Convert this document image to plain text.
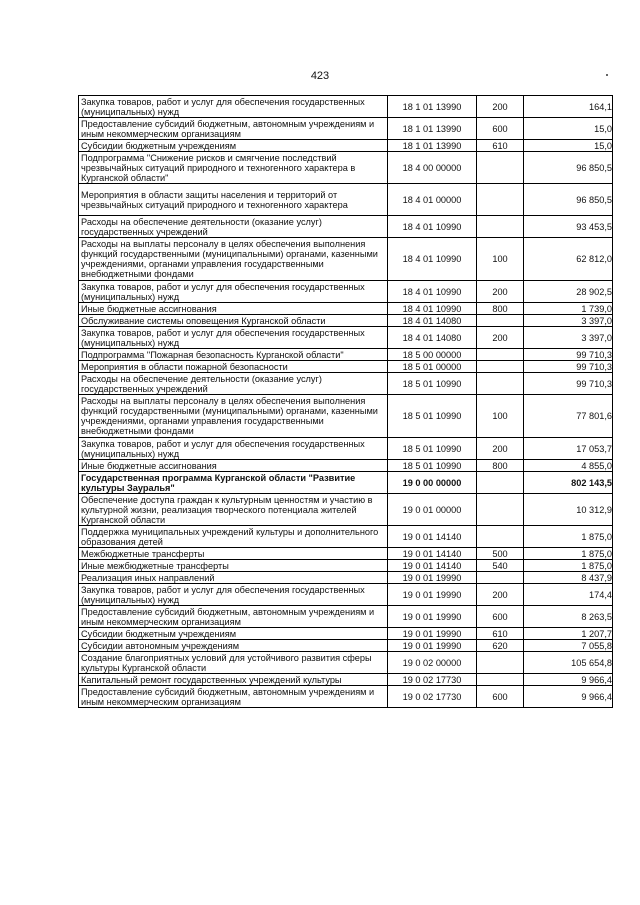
423
Закупка товаров, работ и услуг для обеспечения государственных (муниципальных) нужд	18 1 01 13990	200	164,1
Предоставление субсидий бюджетным, автономным учреждениям и иным некоммерческим организациям	18 1 01 13990	600	15,0
Субсидии бюджетным учреждениям	18 1 01 13990	610	15,0
Подпрограмма "Снижение рисков и смягчение последствий чрезвычайных ситуаций природного и техногенного характера в Курганской области"	18 4 00 00000		96 850,5
Мероприятия в области защиты населения и территорий от чрезвычайных ситуаций природного и техногенного характера	18 4 01 00000		96 850,5
Расходы на обеспечение деятельности (оказание услуг) государственных учреждений	18 4 01 10990		93 453,5
Расходы на выплаты персоналу в целях обеспечения выполнения функций государственными (муниципальными) органами, казенными учреждениями, органами управления государственными внебюджетными фондами	18 4 01 10990	100	62 812,0
Закупка товаров, работ и услуг для обеспечения государственных (муниципальных) нужд	18 4 01 10990	200	28 902,5
Иные бюджетные ассигнования	18 4 01 10990	800	1 739,0
Обслуживание системы оповещения Курганской области	18 4 01 14080		3 397,0
Закупка товаров, работ и услуг для обеспечения государственных (муниципальных) нужд	18 4 01 14080	200	3 397,0
Подпрограмма "Пожарная безопасность Курганской области"	18 5 00 00000		99 710,3
Мероприятия в области пожарной безопасности	18 5 01 00000		99 710,3
Расходы на обеспечение деятельности (оказание услуг) государственных учреждений	18 5 01 10990		99 710,3
Расходы на выплаты персоналу в целях обеспечения выполнения функций государственными (муниципальными) органами, казенными учреждениями, органами управления государственными внебюджетными фондами	18 5 01 10990	100	77 801,6
Закупка товаров, работ и услуг для обеспечения государственных (муниципальных) нужд	18 5 01 10990	200	17 053,7
Иные бюджетные ассигнования	18 5 01 10990	800	4 855,0
Государственная программа Курганской области "Развитие культуры Зауралья"	19 0 00 00000		802 143,5
Обеспечение доступа граждан к культурным ценностям и участию в культурной жизни, реализация творческого потенциала жителей Курганской области	19 0 01 00000		10 312,9
Поддержка муниципальных учреждений культуры и дополнительного образования детей	19 0 01 14140		1 875,0
Межбюджетные трансферты	19 0 01 14140	500	1 875,0
Иные межбюджетные трансферты	19 0 01 14140	540	1 875,0
Реализация иных направлений	19 0 01 19990		8 437,9
Закупка товаров, работ и услуг для обеспечения государственных (муниципальных) нужд	19 0 01 19990	200	174,4
Предоставление субсидий бюджетным, автономным учреждениям и иным некоммерческим организациям	19 0 01 19990	600	8 263,5
Субсидии бюджетным учреждениям	19 0 01 19990	610	1 207,7
Субсидии автономным учреждениям	19 0 01 19990	620	7 055,8
Создание благоприятных условий для устойчивого развития сферы культуры Курганской области	19 0 02 00000		105 654,8
Капитальный ремонт государственных учреждений культуры	19 0 02 17730		9 966,4
Предоставление субсидий бюджетным, автономным учреждениям и иным некоммерческим организациям	19 0 02 17730	600	9 966,4
